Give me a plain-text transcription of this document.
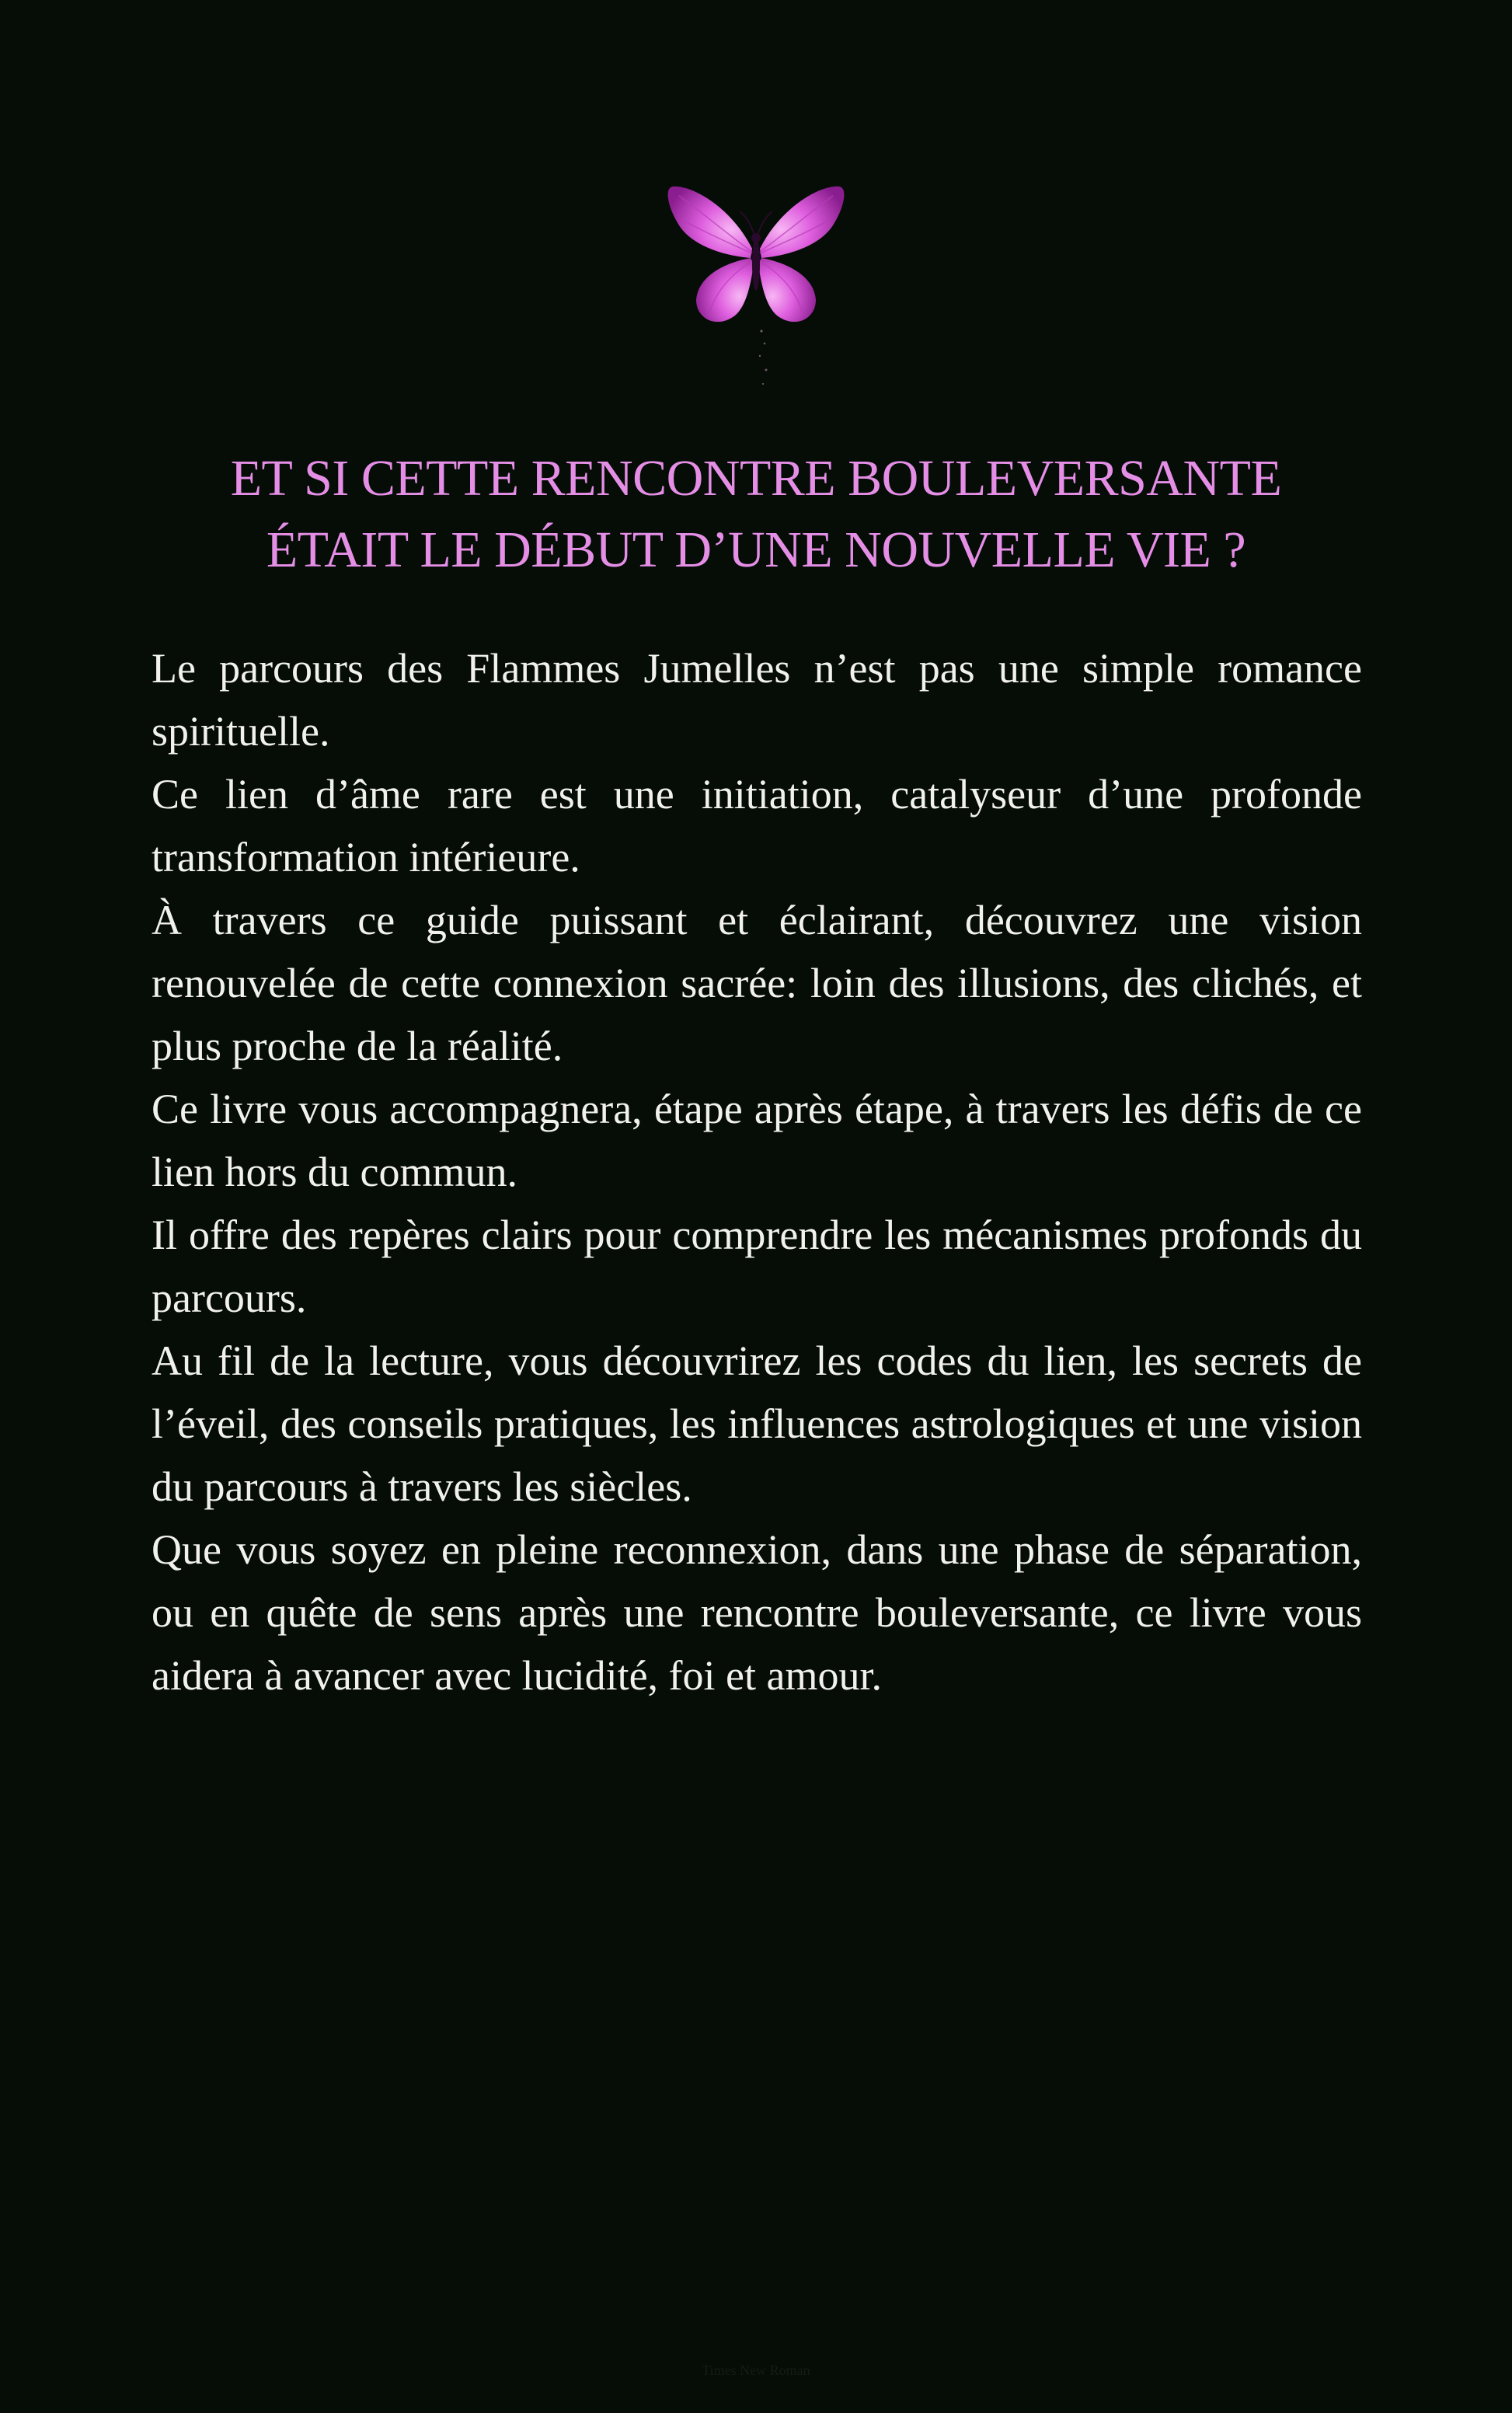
ET SI CETTE RENCONTRE BOULEVERSANTE
ÉTAIT LE DÉBUT D’UNE NOUVELLE VIE ?

Le parcours des Flammes Jumelles n’est pas une simple romance spirituelle.

Ce lien d’âme rare est une initiation, catalyseur d’une profonde transformation intérieure.

À travers ce guide puissant et éclairant, découvrez une vision renouvelée de cette connexion sacrée: loin des illusions, des clichés, et plus proche de la réalité.

Ce livre vous accompagnera, étape après étape, à travers les défis de ce lien hors du commun.

Il offre des repères clairs pour comprendre les mécanismes profonds du parcours.

Au fil de la lecture, vous découvrirez les codes du lien, les secrets de l’éveil, des conseils pratiques, les influences astrologiques et une vision du parcours à travers les siècles.

Que vous soyez en pleine reconnexion, dans une phase de séparation, ou en quête de sens après une rencontre bouleversante, ce livre vous aidera à avancer avec lucidité, foi et amour.

Times New Roman
